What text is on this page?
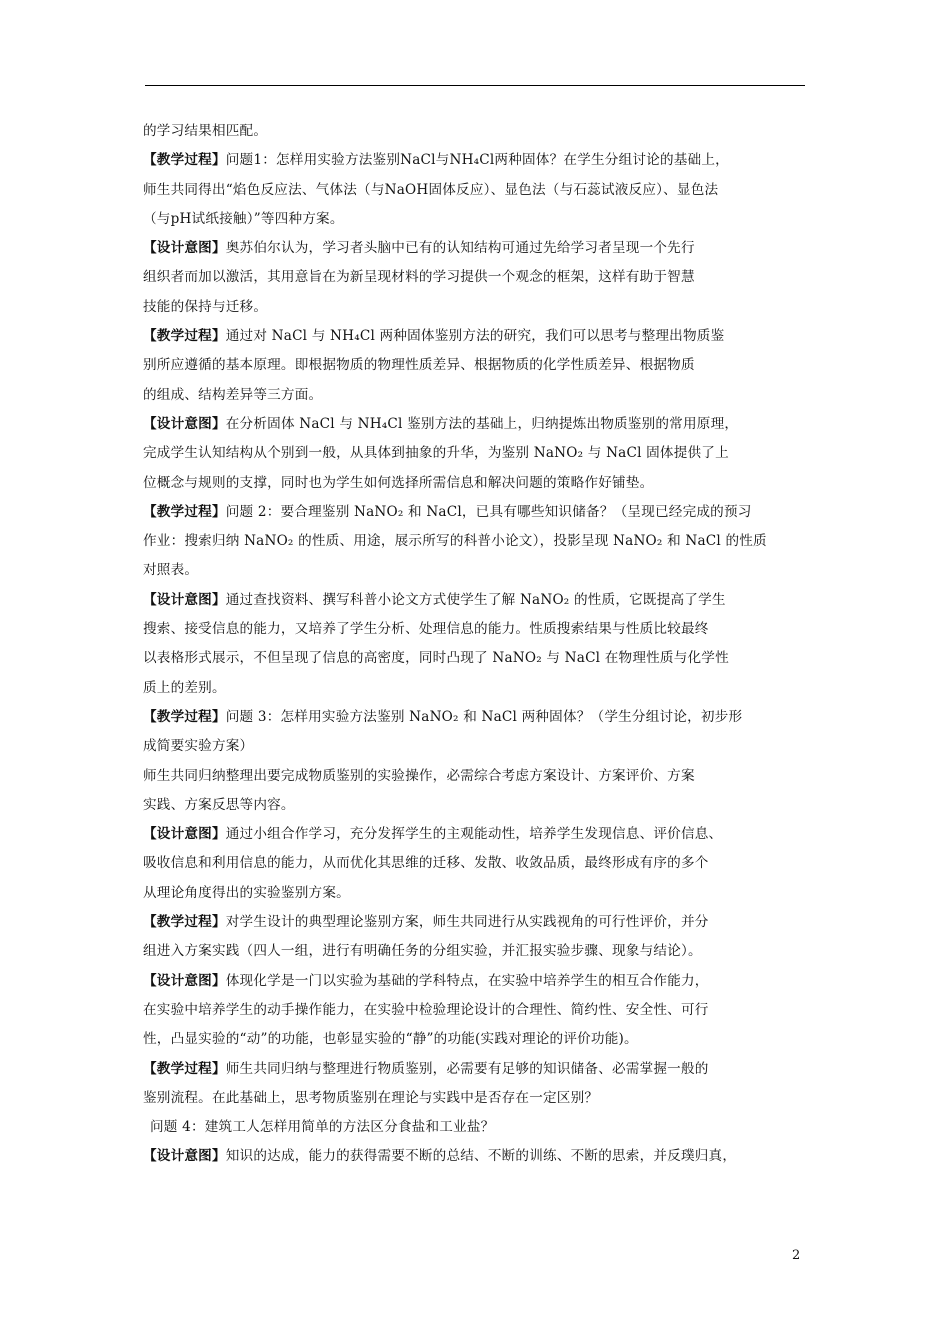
的学习结果相匹配。

【教学过程】问题1：怎样用实验方法鉴别NaCl与NH₄Cl两种固体？在学生分组讨论的基础上，
师生共同得出“焰色反应法、气体法（与NaOH固体反应）、显色法（与石蕊试液反应）、显色法
（与pH试纸接触）”等四种方案。

【设计意图】奥苏伯尔认为，学习者头脑中已有的认知结构可通过先给学习者呈现一个先行
组织者而加以激活，其用意旨在为新呈现材料的学习提供一个观念的框架，这样有助于智慧
技能的保持与迁移。

【教学过程】通过对 NaCl 与 NH₄Cl 两种固体鉴别方法的研究，我们可以思考与整理出物质鉴
别所应遵循的基本原理。即根据物质的物理性质差异、根据物质的化学性质差异、根据物质
的组成、结构差异等三方面。

【设计意图】在分析固体 NaCl 与 NH₄Cl 鉴别方法的基础上，归纳提炼出物质鉴别的常用原理，
完成学生认知结构从个别到一般，从具体到抽象的升华，为鉴别 NaNO₂ 与 NaCl 固体提供了上
位概念与规则的支撑，同时也为学生如何选择所需信息和解决问题的策略作好铺垫。

【教学过程】问题 2：要合理鉴别 NaNO₂ 和 NaCl，已具有哪些知识储备？（呈现已经完成的预习
作业：搜索归纳 NaNO₂ 的性质、用途，展示所写的科普小论文），投影呈现 NaNO₂ 和 NaCl 的性质
对照表。

【设计意图】通过查找资料、撰写科普小论文方式使学生了解 NaNO₂ 的性质，它既提高了学生
搜索、接受信息的能力，又培养了学生分析、处理信息的能力。性质搜索结果与性质比较最终
以表格形式展示，不但呈现了信息的高密度，同时凸现了 NaNO₂ 与 NaCl 在物理性质与化学性
质上的差别。

【教学过程】问题 3：怎样用实验方法鉴别 NaNO₂ 和 NaCl 两种固体？（学生分组讨论，初步形
成简要实验方案）

师生共同归纳整理出要完成物质鉴别的实验操作，必需综合考虑方案设计、方案评价、方案
实践、方案反思等内容。

【设计意图】通过小组合作学习，充分发挥学生的主观能动性，培养学生发现信息、评价信息、
吸收信息和利用信息的能力，从而优化其思维的迁移、发散、收敛品质，最终形成有序的多个
从理论角度得出的实验鉴别方案。

【教学过程】对学生设计的典型理论鉴别方案，师生共同进行从实践视角的可行性评价，并分
组进入方案实践（四人一组，进行有明确任务的分组实验，并汇报实验步骤、现象与结论）。

【设计意图】体现化学是一门以实验为基础的学科特点，在实验中培养学生的相互合作能力，
在实验中培养学生的动手操作能力，在实验中检验理论设计的合理性、简约性、安全性、可行
性，凸显实验的“动”的功能，也彰显实验的“静”的功能(实践对理论的评价功能)。

【教学过程】师生共同归纳与整理进行物质鉴别，必需要有足够的知识储备、必需掌握一般的
鉴别流程。在此基础上，思考物质鉴别在理论与实践中是否存在一定区别？

问题 4：建筑工人怎样用简单的方法区分食盐和工业盐？

【设计意图】知识的达成，能力的获得需要不断的总结、不断的训练、不断的思索，并反璞归真，

2
